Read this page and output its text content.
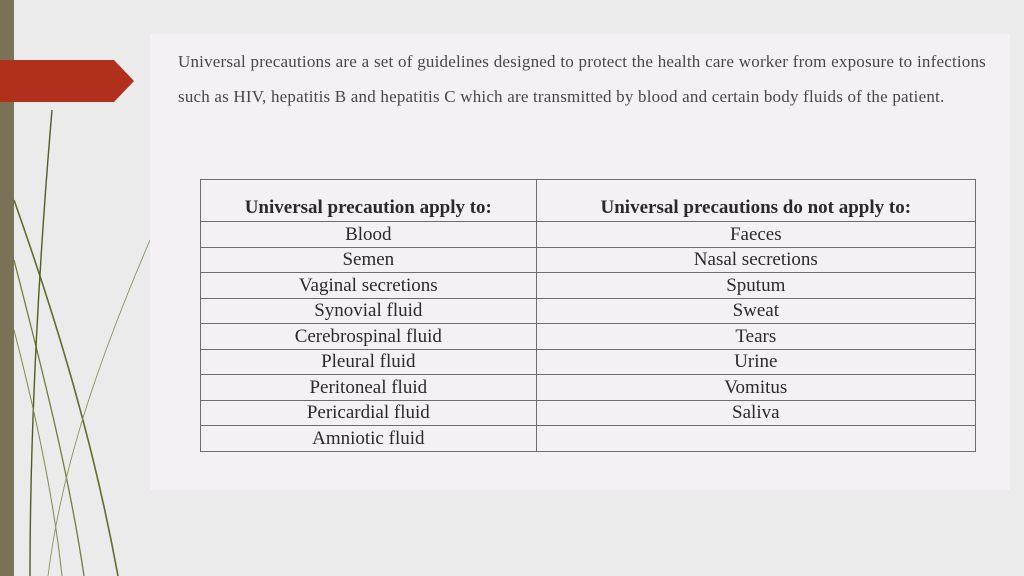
Universal precautions are a set of guidelines designed to protect the health care worker from exposure to infections such as HIV, hepatitis B and hepatitis C which are transmitted by blood and certain body fluids of the patient.
Universal precaution apply to:	Universal precautions do not apply to:
Blood	Faeces
Semen	Nasal secretions
Vaginal secretions	Sputum
Synovial fluid	Sweat
Cerebrospinal fluid	Tears
Pleural fluid	Urine
Peritoneal fluid	Vomitus
Pericardial fluid	Saliva
Amniotic fluid	
